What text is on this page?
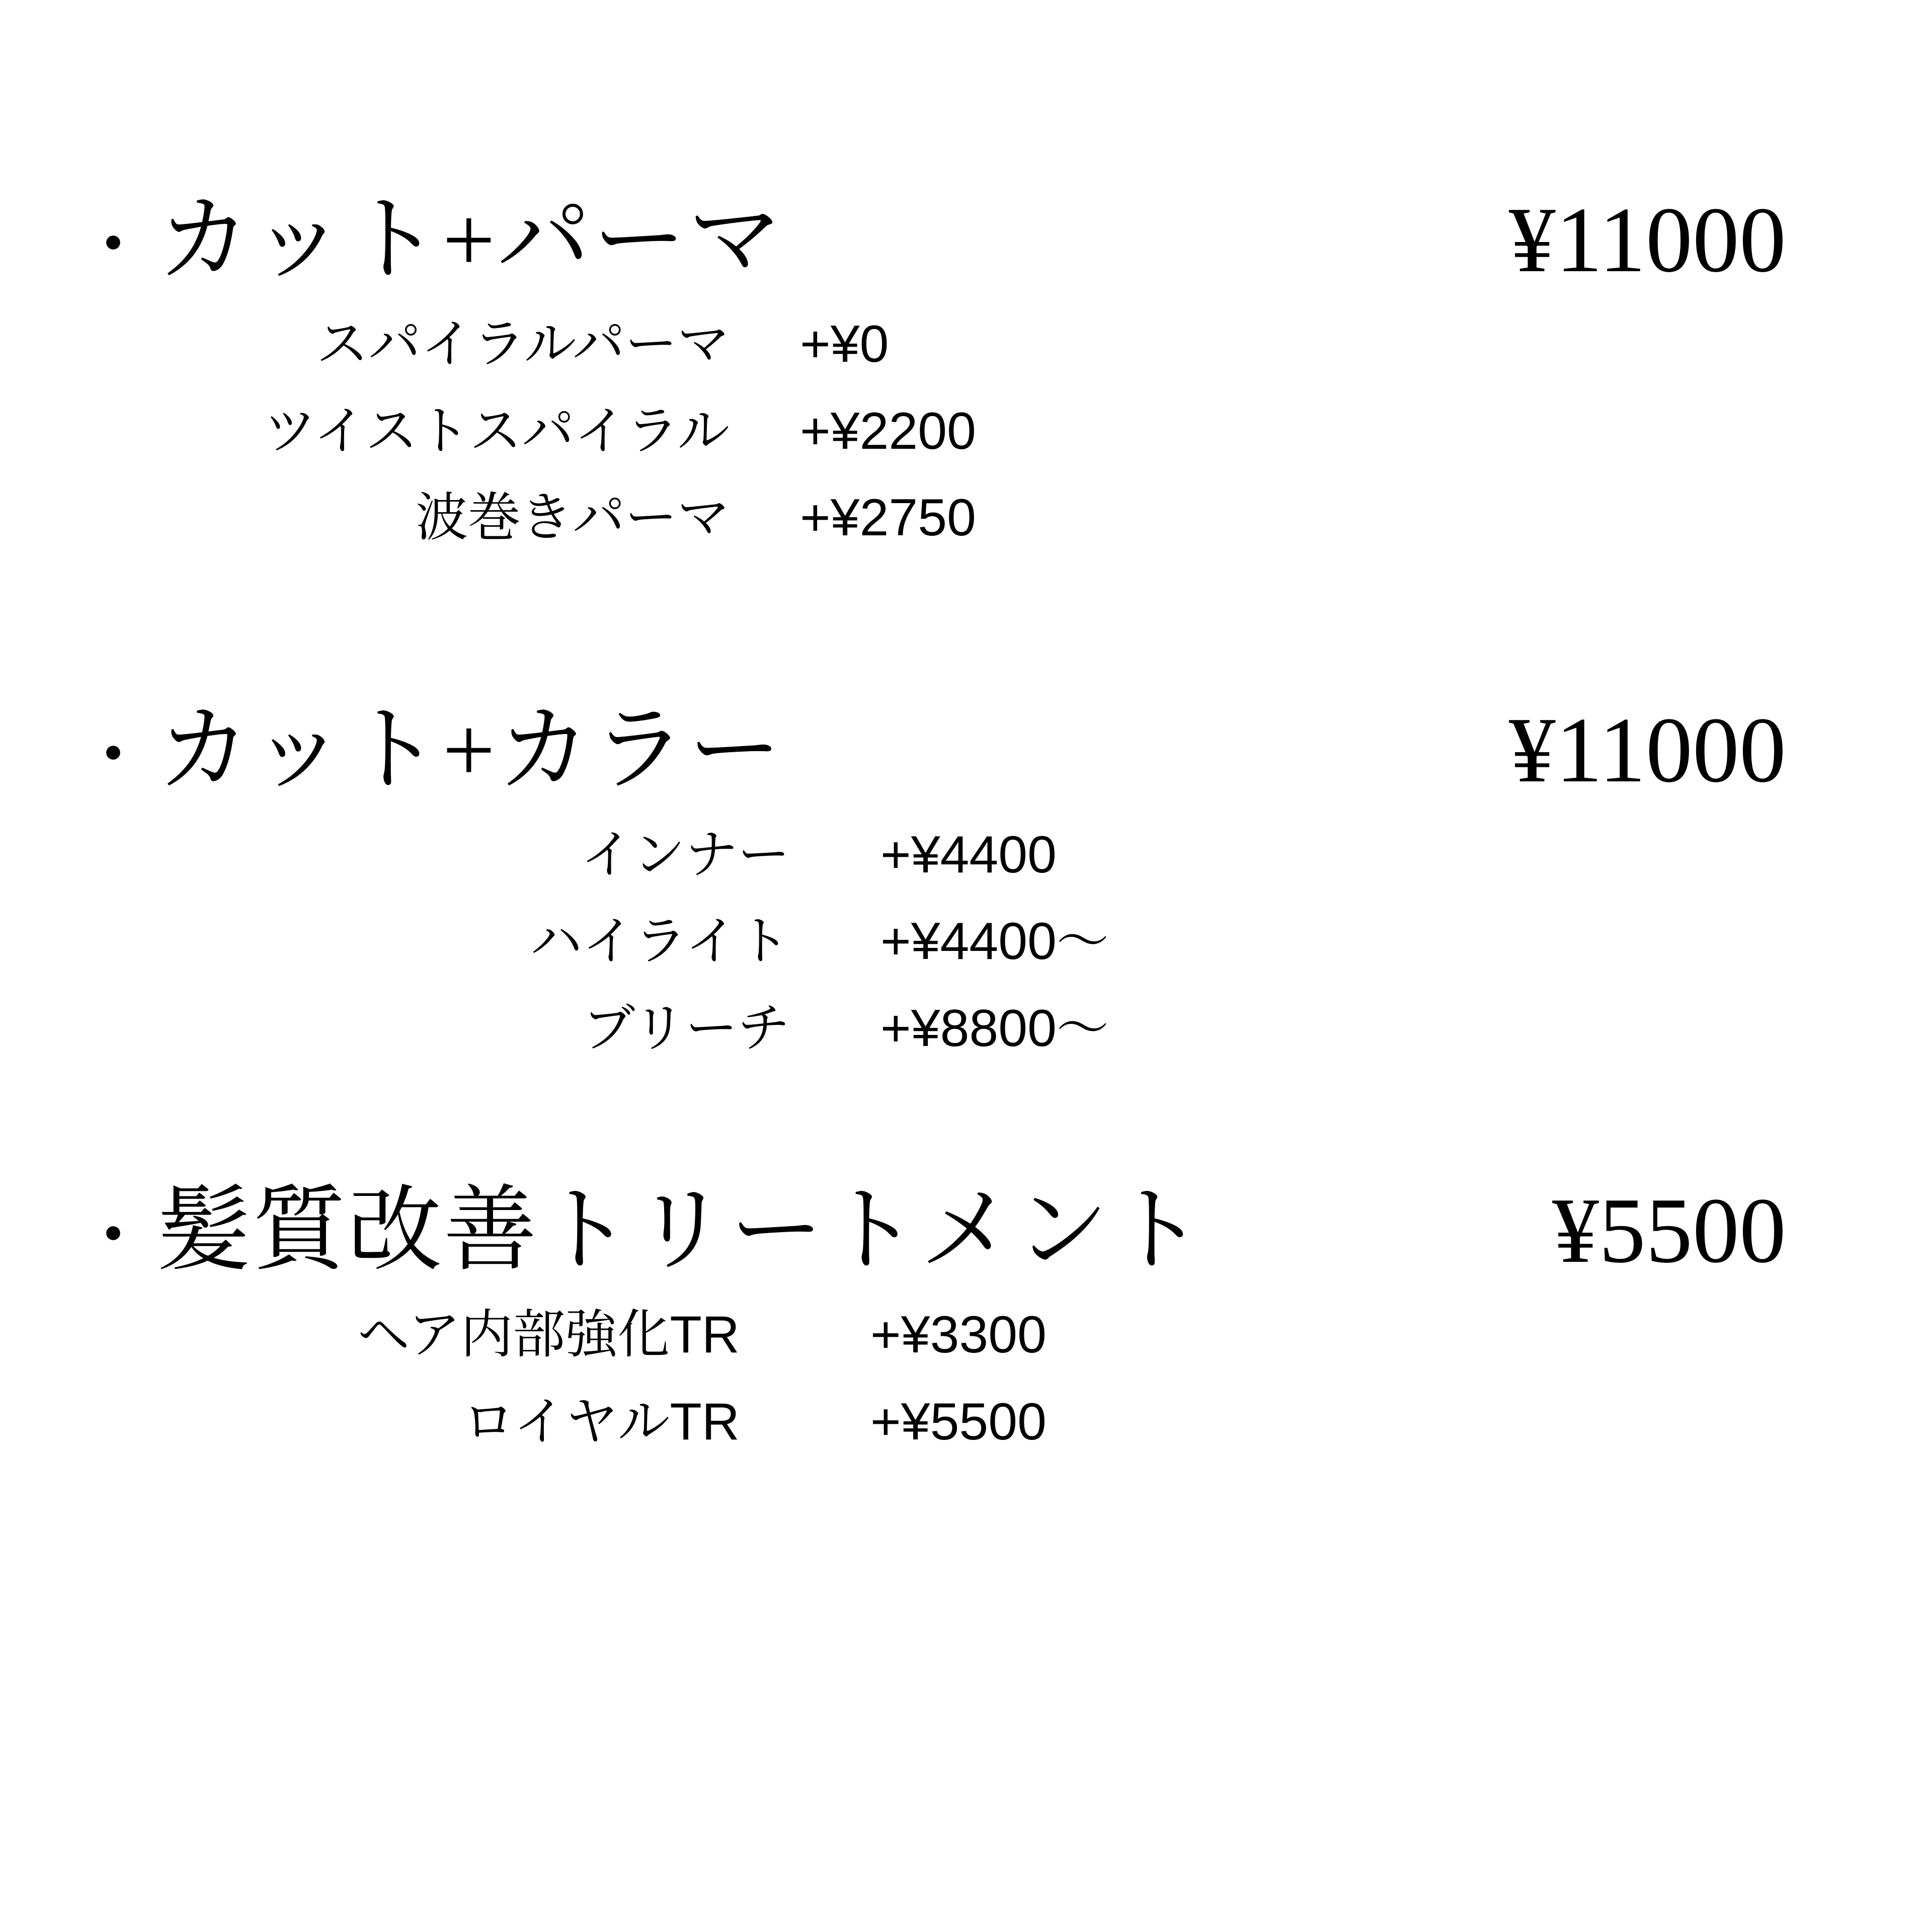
・ カット+パーマ	¥11000
スパイラルパーマ +¥0
ツイストスパイラル +¥2200
波巻きパーマ +¥2750
・ カット+カラー	¥11000
インナー +¥4400
ハイライト +¥4400〜
ブリーチ +¥8800〜
・ 髪質改善トリートメント	¥5500
ヘア内部強化TR	+¥3300
ロイヤルTR	+¥5500
